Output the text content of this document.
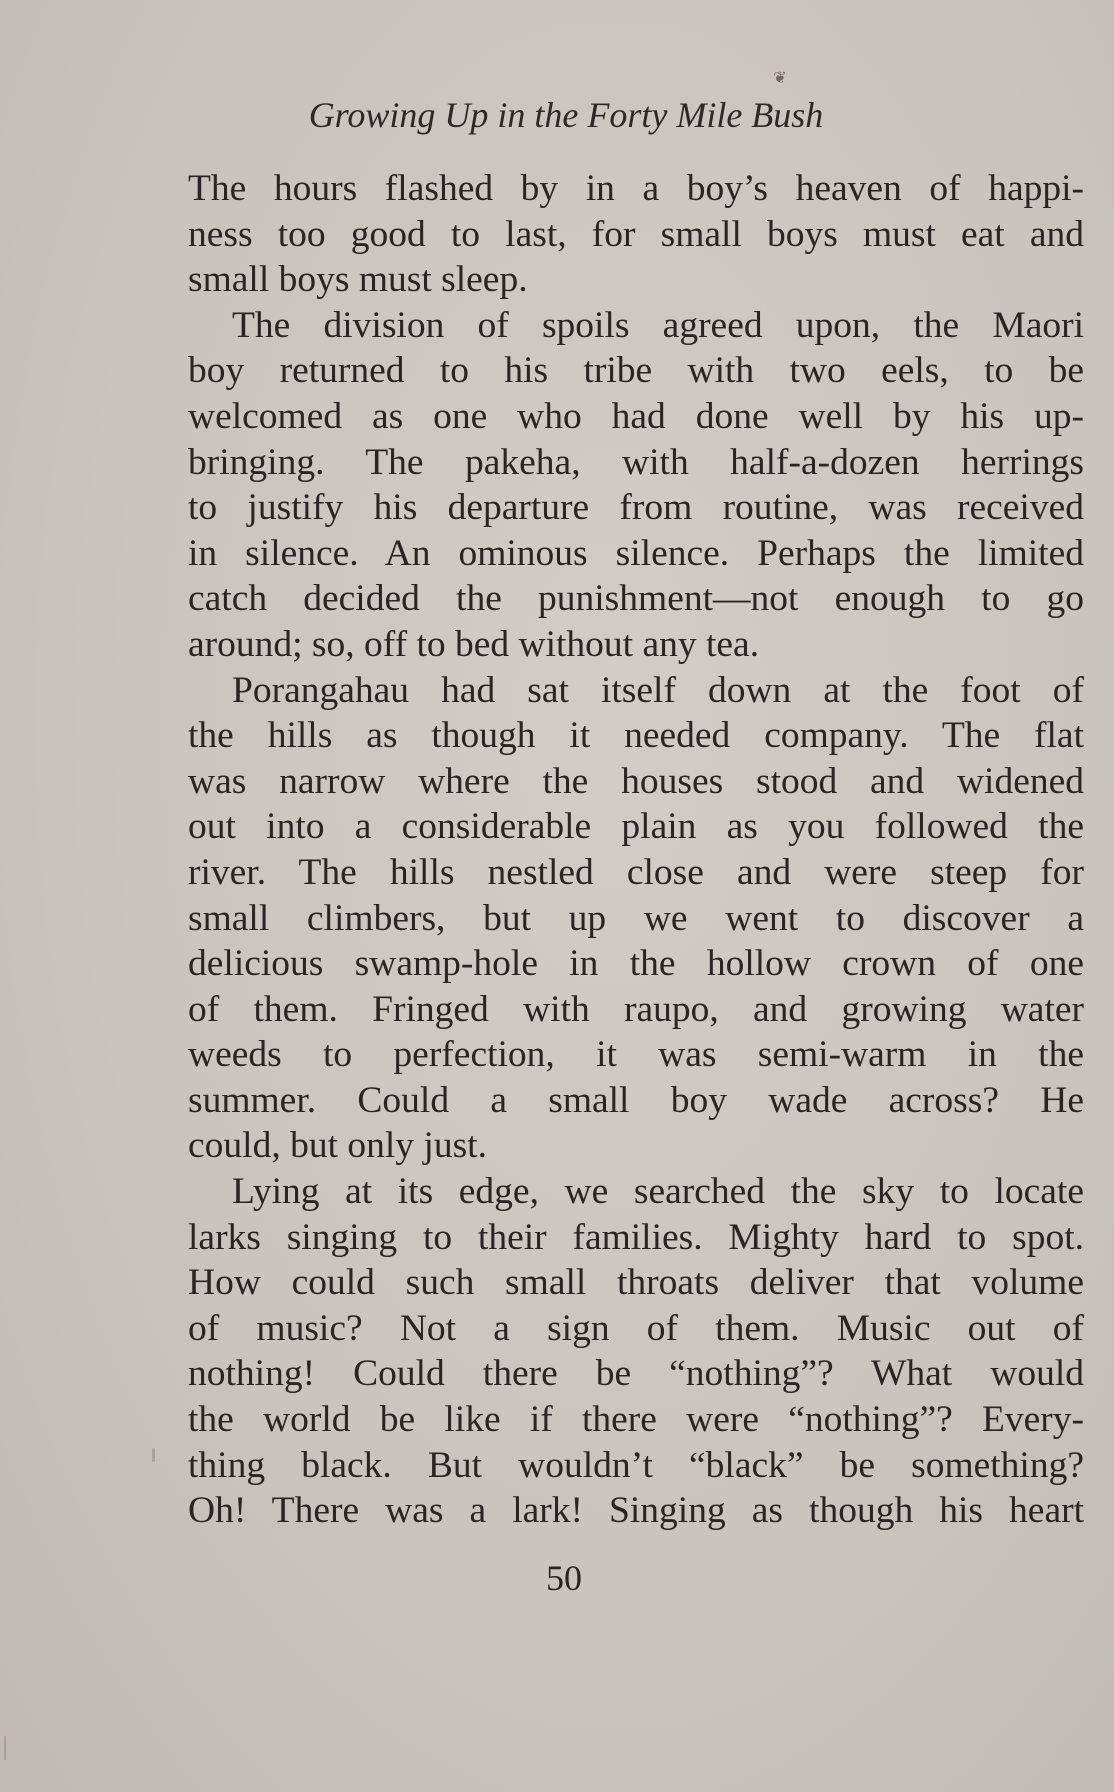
❦
Growing Up in the Forty Mile Bush
The hours flashed by in a boy’s heaven of happi-
ness too good to last, for small boys must eat and
small boys must sleep.
The division of spoils agreed upon, the Maori
boy returned to his tribe with two eels, to be
welcomed as one who had done well by his up-
bringing. The pakeha, with half-a-dozen herrings
to justify his departure from routine, was received
in silence. An ominous silence. Perhaps the limited
catch decided the punishment—not enough to go
around; so, off to bed without any tea.
Porangahau had sat itself down at the foot of
the hills as though it needed company. The flat
was narrow where the houses stood and widened
out into a considerable plain as you followed the
river. The hills nestled close and were steep for
small climbers, but up we went to discover a
delicious swamp-hole in the hollow crown of one
of them. Fringed with raupo, and growing water
weeds to perfection, it was semi-warm in the
summer. Could a small boy wade across? He
could, but only just.
Lying at its edge, we searched the sky to locate
larks singing to their families. Mighty hard to spot.
How could such small throats deliver that volume
of music? Not a sign of them. Music out of
nothing! Could there be “nothing”? What would
the world be like if there were “nothing”? Every-
thing black. But wouldn’t “black” be something?
Oh! There was a lark! Singing as though his heart
50
